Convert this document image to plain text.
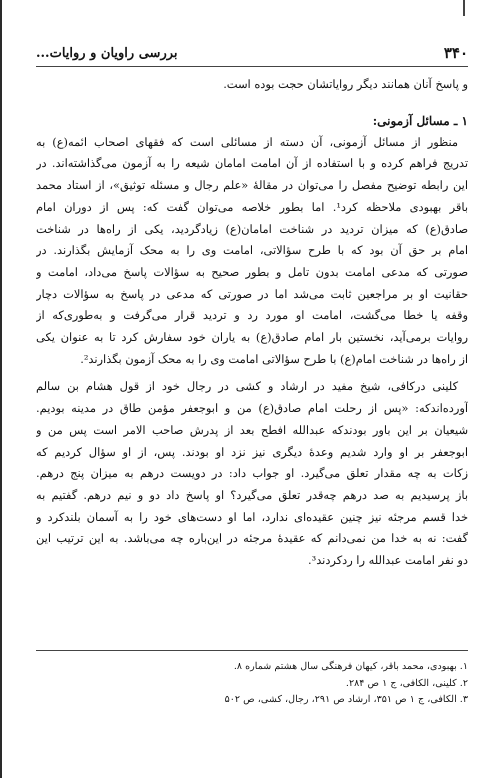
بررسی راویان و روایات...	۳۴۰
و پاسخ آنان همانند دیگر روایاتشان حجت بوده است.
۱ ـ مسائل آزمونی:
منظور از مسائل آزمونی، آن دسته از مسائلی است که فقهای اصحاب ائمه(ع) به
تدریج فراهم کرده و با استفاده از آن امامت امامان شیعه را به آزمون می‌گذاشته‌اند. در
این رابطه توضیح مفصل را می‌توان در مقالهٔ «علم رجال و مسئله توثیق»، از استاد محمد
باقر بهبودی ملاحظه کرد¹. اما بطور خلاصه می‌توان گفت که: پس از دوران امام
صادق(ع) که میزان تردید در شناخت امامان(ع) زیادگردید، یکی از راه‌ها در شناخت
امام بر حق آن بود که با طرح سؤالاتی، امامت وی را به محک آزمایش بگذارند. در
صورتی که مدعی امامت بدون تامل و بطور صحیح به سؤالات پاسخ می‌داد، امامت و
حقانیت او بر مراجعین ثابت می‌شد اما در صورتی که مدعی در پاسخ به سؤالات دچار
وقفه یا خطا می‌گشت، امامت او مورد رد و تردید قرار می‌گرفت و به‌طوری‌که از
روایات برمی‌آید، نخستین بار امام صادق(ع) به یاران خود سفارش کرد تا به عنوان یکی
از راه‌ها در شناخت امام(ع) با طرح سؤالاتی امامت وی را به محک آزمون بگذارند².
کلینی درکافی، شیخ مفید در ارشاد و کشی در رجال خود از قول هشام بن سالم
آورده‌اندکه: «پس از رحلت امام صادق(ع) من و ابوجعفر مؤمن طاق در مدینه بودیم.
شیعیان بر این باور بودندکه عبدالله افطح بعد از پدرش صاحب الامر است پس من و
ابوجعفر بر او وارد شدیم وعدهٔ دیگری نیز نزد او بودند. پس، از او سؤال کردیم که
زکات به چه مقدار تعلق می‌گیرد. او جواب داد: در دویست درهم به میزان پنج درهم.
باز پرسیدیم به صد درهم چه‌قدر تعلق می‌گیرد؟ او پاسخ داد دو و نیم درهم. گفتیم به
خدا قسم مرجئه نیز چنین عقیده‌ای ندارد، اما او دست‌های خود را به آسمان بلندکرد و
گفت: نه به خدا من نمی‌دانم که عقیدهٔ مرجئه در این‌باره چه می‌باشد. به این ترتیب این
دو نفر امامت عبدالله را ردکردند³.
۱. بهبودی، محمد باقر، کیهان فرهنگی سال هشتم شماره ۸.
۲. کلینی، الکافی، ج ۱ ص ۲۸۴.
۳. الکافی، ج ۱ ص ۳۵۱، ارشاد ص ۲۹۱، رجال، کشی، ص ۵۰۲
